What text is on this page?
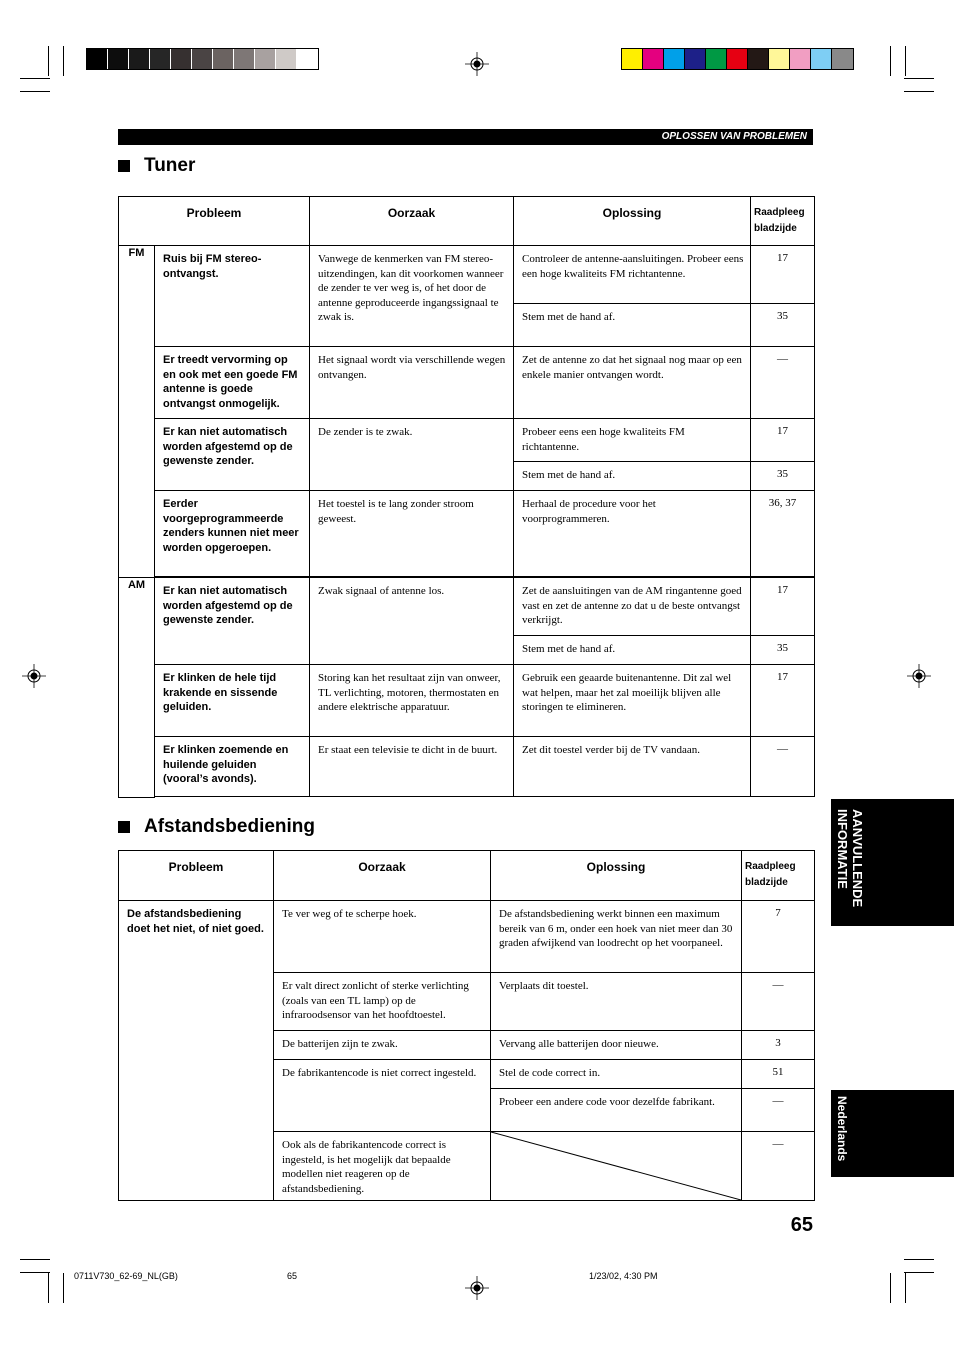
OPLOSSEN VAN PROBLEMEN
Tuner
Probleem		Oorzaak	Oplossing	Raadpleeg bladzijde
FM	Ruis bij FM stereo-ontvangst.	Vanwege de kenmerken van FM stereo-uitzendingen, kan dit voorkomen wanneer de zender te ver weg is, of het door de antenne geproduceerde ingangssignaal te zwak is.	Controleer de antenne-aansluitingen. Probeer eens een hoge kwaliteits FM richtantenne.	17
			Stem met de hand af.	35
	Er treedt vervorming op en ook met een goede FM antenne is goede ontvangst onmogelijk.	Het signaal wordt via verschillende wegen ontvangen.	Zet de antenne zo dat het signaal nog maar op een enkele manier ontvangen wordt.	—
	Er kan niet automatisch worden afgestemd op de gewenste zender.	De zender is te zwak.	Probeer eens een hoge kwaliteits FM richtantenne.	17
			Stem met de hand af.	35
	Eerder voorgeprogrammeerde zenders kunnen niet meer worden opgeroepen.	Het toestel is te lang zonder stroom geweest.	Herhaal de procedure voor het voorprogrammeren.	36, 37

AM	Er kan niet automatisch worden afgestemd op de gewenste zender.	Zwak signaal of antenne los.	Zet de aansluitingen van de AM ringantenne goed vast en zet de antenne zo dat u de beste ontvangst verkrijgt.	17
			Stem met de hand af.	35
	Er klinken de hele tijd krakende en sissende geluiden.	Storing kan het resultaat zijn van onweer, TL verlichting, motoren, thermostaten en andere elektrische apparatuur.	Gebruik een geaarde buitenantenne. Dit zal wel wat helpen, maar het zal moeilijk blijven alle storingen te elimineren.	17
	Er klinken zoemende en huilende geluiden (vooral’s avonds).	Er staat een televisie te dicht in de buurt.	Zet dit toestel verder bij de TV vandaan.	—

Afstandsbediening
Probleem	Oorzaak	Oplossing	Raadpleeg bladzijde
De afstandsbediening doet het niet, of niet goed.	Te ver weg of te scherpe hoek.	De afstandsbediening werkt binnen een maximum bereik van 6 m, onder een hoek van niet meer dan 30 graden afwijkend van loodrecht op het voorpaneel.	7
	Er valt direct zonlicht of sterke verlichting (zoals van een TL lamp) op de infraroodsensor van het hoofdtoestel.	Verplaats dit toestel.	—
	De batterijen zijn te zwak.	Vervang alle batterijen door nieuwe.	3
	De fabrikantencode is niet correct ingesteld.	Stel de code correct in.	51
		Probeer een andere code voor dezelfde fabrikant.	—
	Ook als de fabrikantencode correct is ingesteld, is het mogelijk dat bepaalde modellen niet reageren op de afstandsbediening.		—
AANVULLENDE
INFORMATIE
Nederlands
65
0711V730_62-69_NL(GB)	65	1/23/02, 4:30 PM
